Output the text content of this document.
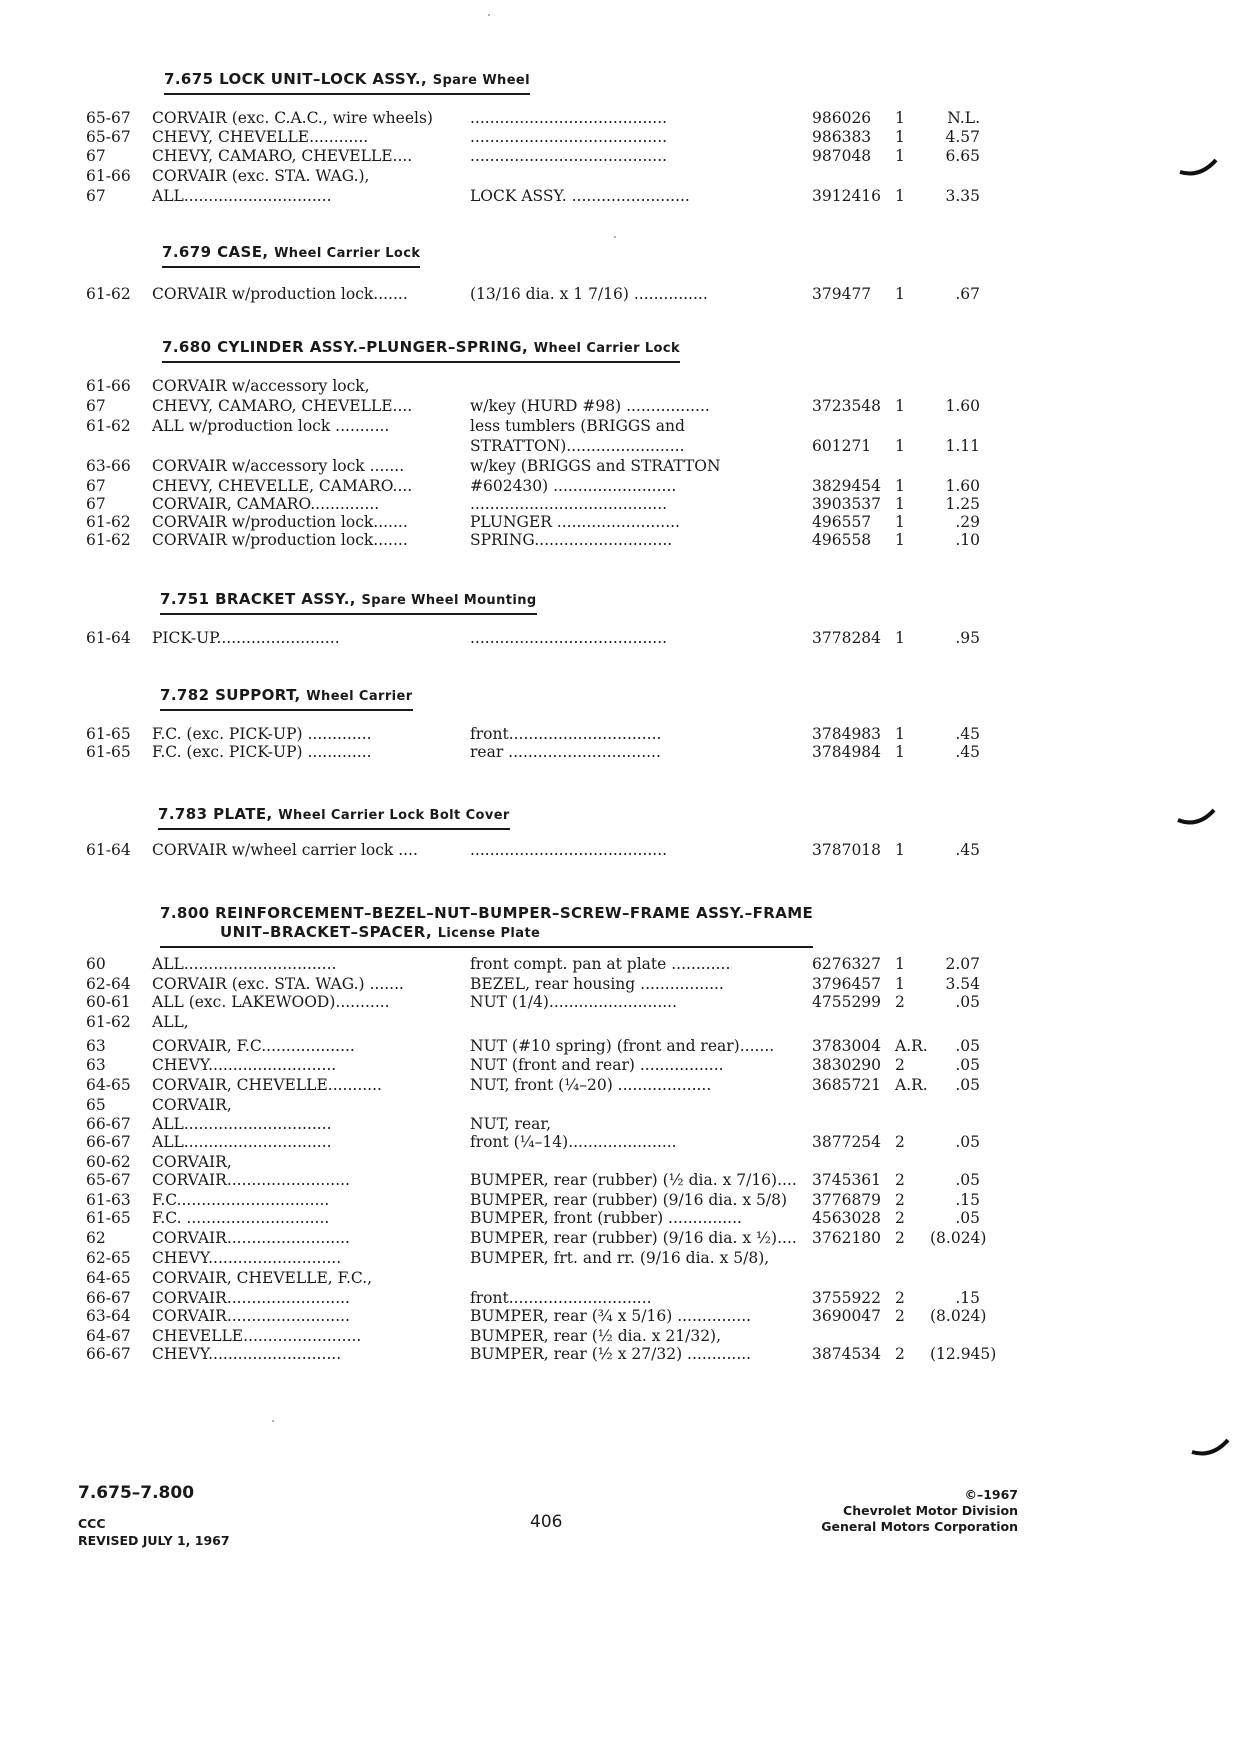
7.675 LOCK UNIT–LOCK ASSY., Spare Wheel
65-67 CORVAIR (exc. C.A.C., wire wheels) ........................................	986026 1	N.L.
65-67 CHEVY, CHEVELLE............	........................................	986383 1	4.57
67	CHEVY, CAMARO, CHEVELLE....	........................................	987048 1	6.65
61-66 CORVAIR (exc. STA. WAG.),
67	ALL..............................	LOCK ASSY. ........................	3912416 1	3.35
7.679 CASE, Wheel Carrier Lock
61-62 CORVAIR w/production lock.......	(13/16 dia. x 1 7/16) ...............	379477 1	.67
7.680 CYLINDER ASSY.–PLUNGER–SPRING, Wheel Carrier Lock
61-66 CORVAIR w/accessory lock,
67	CHEVY, CAMARO, CHEVELLE....	w/key (HURD #98) .................	3723548 1	1.60
61-62 ALL w/production lock ...........	less tumblers (BRIGGS and
STRATTON)........................	601271 1	1.11
63-66 CORVAIR w/accessory lock .......	w/key (BRIGGS and STRATTON
67	CHEVY, CHEVELLE, CAMARO....	#602430) .........................	3829454 1	1.60
67	CORVAIR, CAMARO..............	........................................	3903537 1	1.25
61-62 CORVAIR w/production lock.......	PLUNGER .........................	496557 1	.29
61-62 CORVAIR w/production lock.......	SPRING............................	496558 1	.10
7.751 BRACKET ASSY., Spare Wheel Mounting
61-64 PICK-UP.........................	........................................	3778284 1	.95
7.782 SUPPORT, Wheel Carrier
61-65 F.C. (exc. PICK-UP) .............	front...............................	3784983 1	.45
61-65 F.C. (exc. PICK-UP) .............	rear ...............................	3784984 1	.45
7.783 PLATE, Wheel Carrier Lock Bolt Cover
61-64 CORVAIR w/wheel carrier lock ....	........................................	3787018 1	.45
7.800 REINFORCEMENT–BEZEL–NUT–BUMPER–SCREW–FRAME ASSY.–FRAME
UNIT–BRACKET–SPACER, License Plate
60	ALL...............................	front compt. pan at plate ............	6276327 1	2.07
62-64 CORVAIR (exc. STA. WAG.) .......	BEZEL, rear housing .................	3796457 1	3.54
60-61 ALL (exc. LAKEWOOD)...........	NUT (1/4)..........................	4755299 2	.05
61-62 ALL,
63	CORVAIR, F.C...................	NUT (#10 spring) (front and rear)....... 3783004 A.R.	.05
63	CHEVY..........................	NUT (front and rear) .................	3830290 2	.05
64-65 CORVAIR, CHEVELLE...........	NUT, front (¼–20) ...................	3685721 A.R.	.05
65	CORVAIR,
66-67 ALL..............................	NUT, rear,
66-67 ALL..............................	front (¼–14)......................	3877254 2	.05
60-62 CORVAIR,
65-67 CORVAIR.........................	BUMPER, rear (rubber) (½ dia. x 7/16).... 3745361 2	.05
61-63 F.C...............................	BUMPER, rear (rubber) (9/16 dia. x 5/8) 3776879 2	.15
61-65 F.C. .............................	BUMPER, front (rubber) ...............	4563028 2	.05
62	CORVAIR.........................	BUMPER, rear (rubber) (9/16 dia. x ½).... 3762180 2 (8.024)
62-65 CHEVY...........................	BUMPER, frt. and rr. (9/16 dia. x 5/8),
64-65 CORVAIR, CHEVELLE, F.C.,
66-67 CORVAIR.........................	front.............................	3755922 2	.15
63-64 CORVAIR.........................	BUMPER, rear (¾ x 5/16) ...............	3690047 2 (8.024)
64-67 CHEVELLE........................	BUMPER, rear (½ dia. x 21/32),
66-67 CHEVY...........................	BUMPER, rear (½ x 27/32) .............	3874534 2 (12.945)
7.675–7.800
CCC
REVISED JULY 1, 1967
406
©–1967
Chevrolet Motor Division
General Motors Corporation
